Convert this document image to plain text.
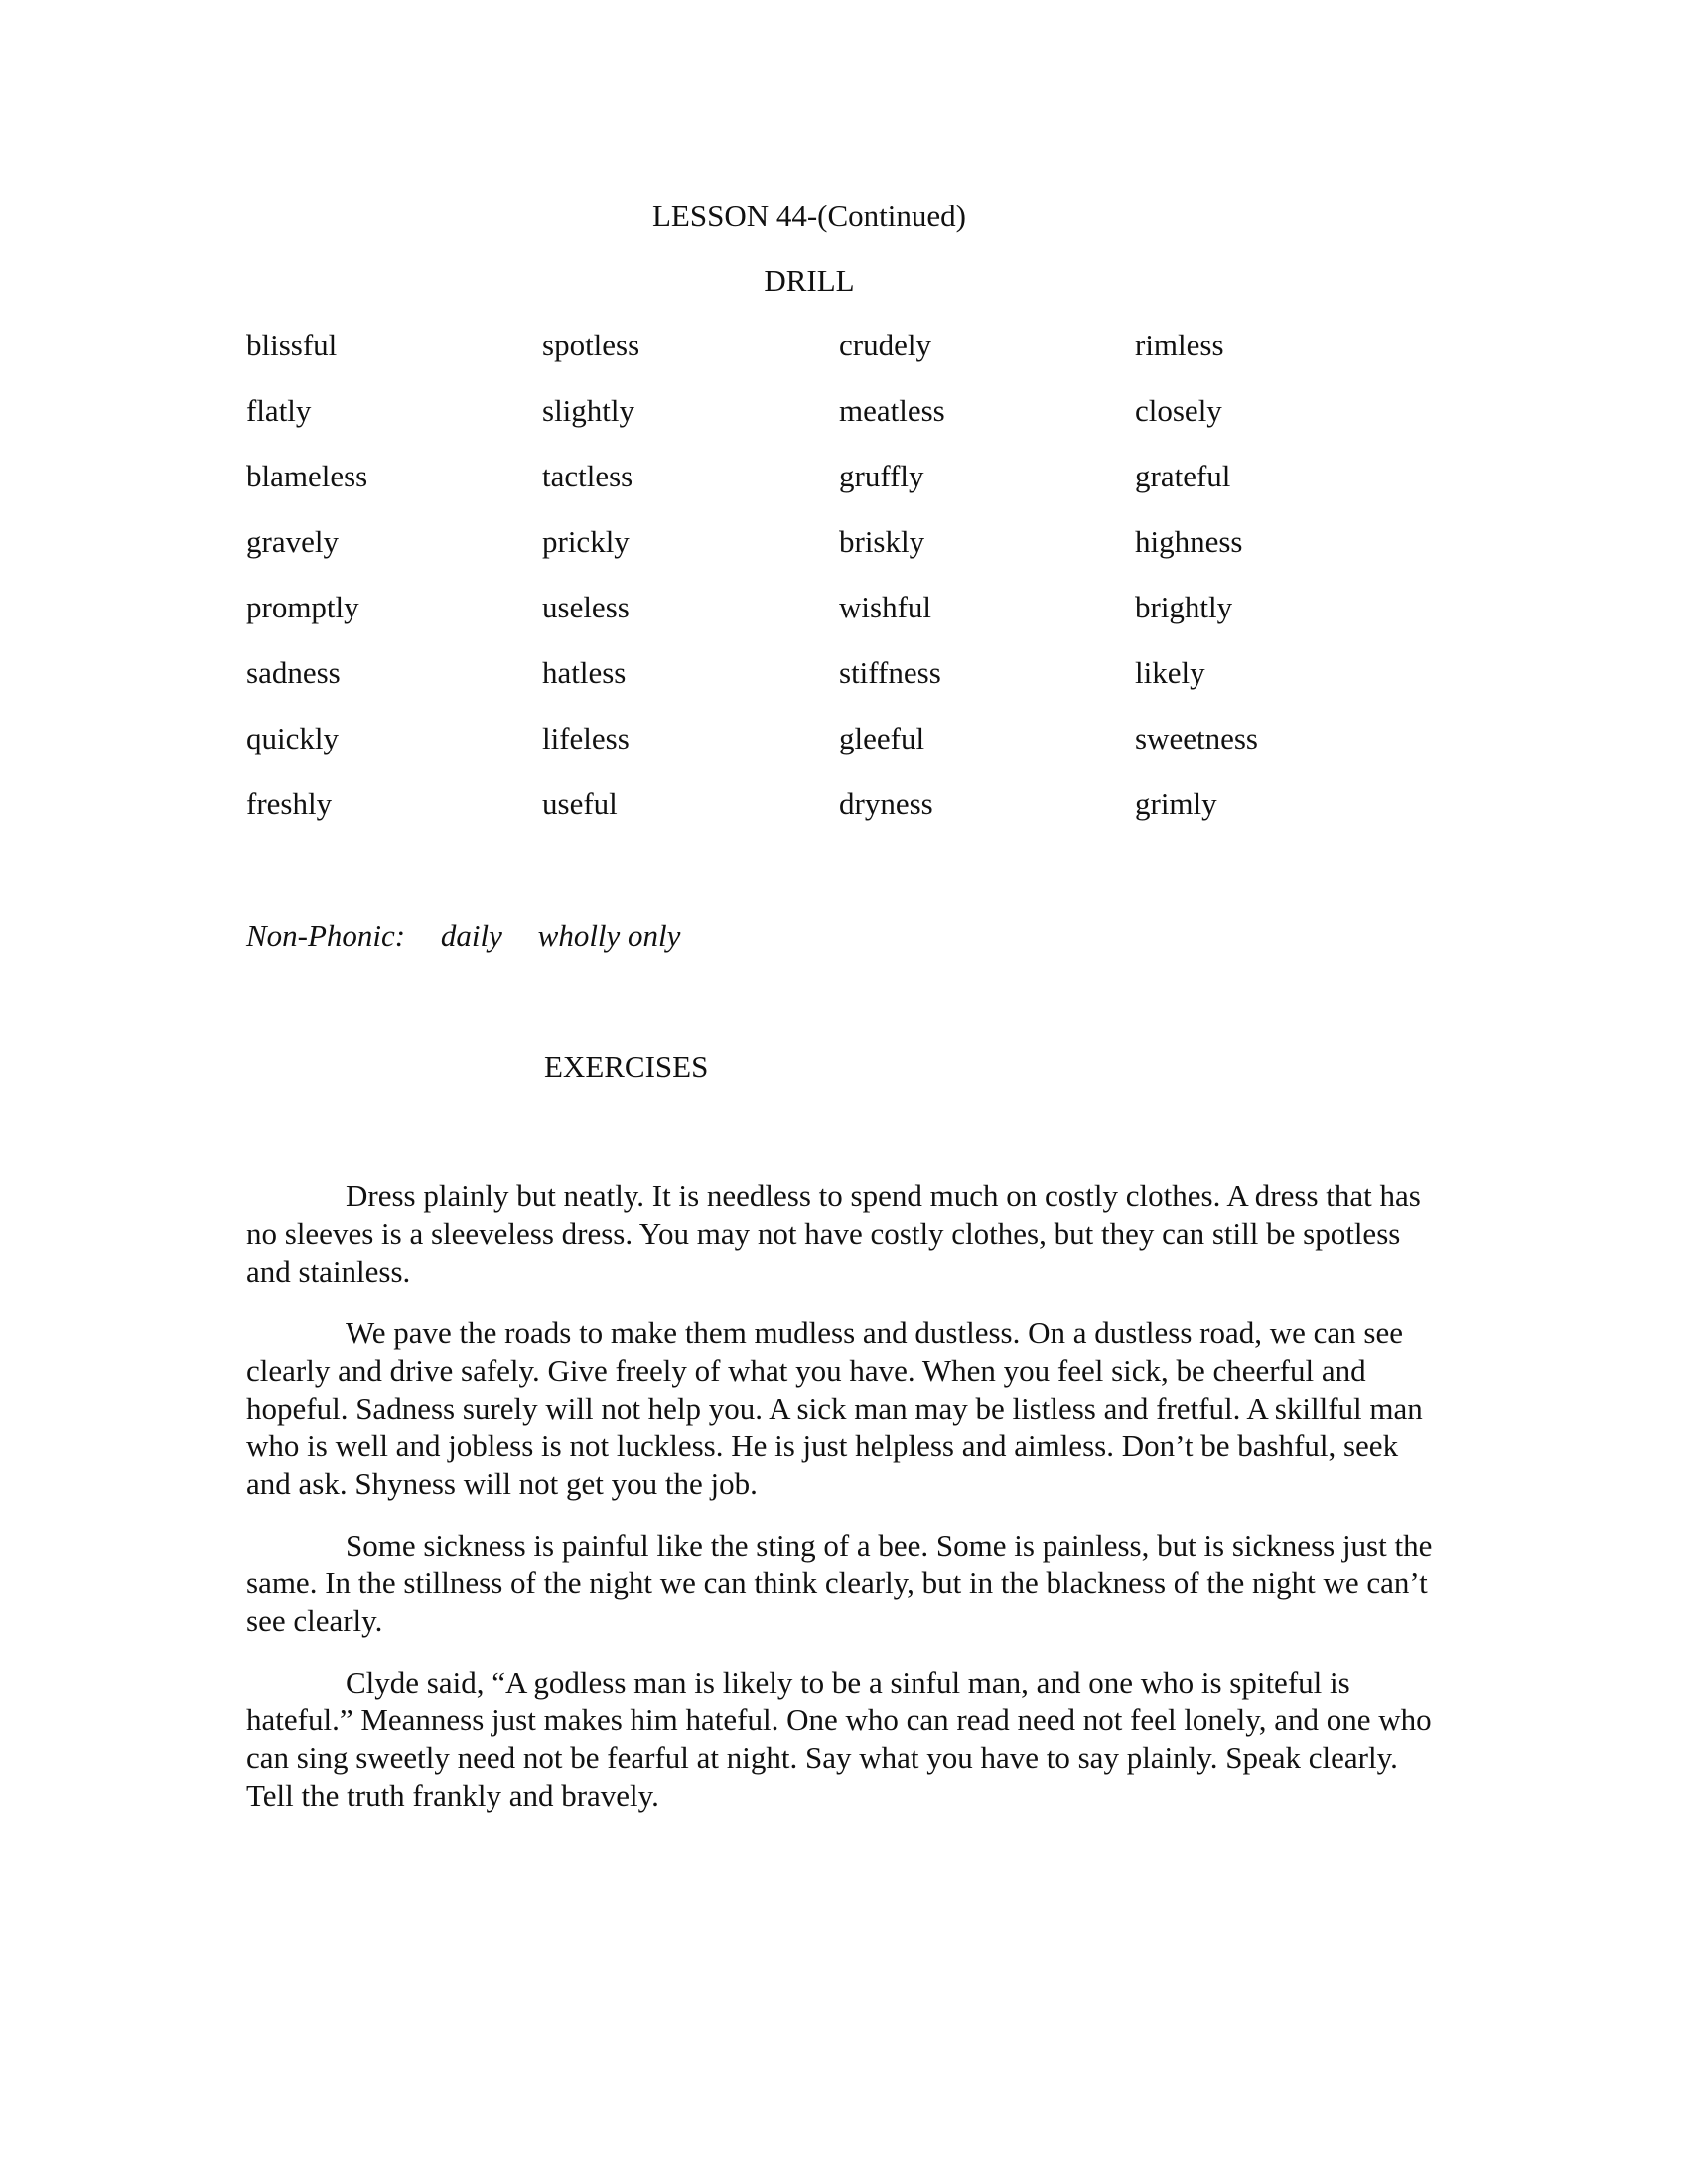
LESSON 44-(Continued)
DRILL
blissful	spotless	crudely	rimless
flatly	slightly	meatless	closely
blameless	tactless	gruffly	grateful
gravely	prickly	briskly	highness
promptly	useless	wishful	brightly
sadness	hatless	stiffness	likely
quickly	lifeless	gleeful	sweetness
freshly	useful	dryness	grimly
Non-Phonic: daily wholly only
EXERCISES

Dress plainly but neatly. It is needless to spend much on costly clothes. A dress that has no sleeves is a sleeveless dress. You may not have costly clothes, but they can still be spotless and stainless.

We pave the roads to make them mudless and dustless. On a dustless road, we can see clearly and drive safely. Give freely of what you have. When you feel sick, be cheerful and hopeful. Sadness surely will not help you. A sick man may be listless and fretful. A skillful man who is well and jobless is not luckless. He is just helpless and aimless. Don’t be bashful, seek and ask. Shyness will not get you the job.

Some sickness is painful like the sting of a bee. Some is painless, but is sickness just the same. In the stillness of the night we can think clearly, but in the blackness of the night we can’t see clearly.

Clyde said, “A godless man is likely to be a sinful man, and one who is spiteful is hateful.” Meanness just makes him hateful. One who can read need not feel lonely, and one who can sing sweetly need not be fearful at night. Say what you have to say plainly. Speak clearly. Tell the truth frankly and bravely.
